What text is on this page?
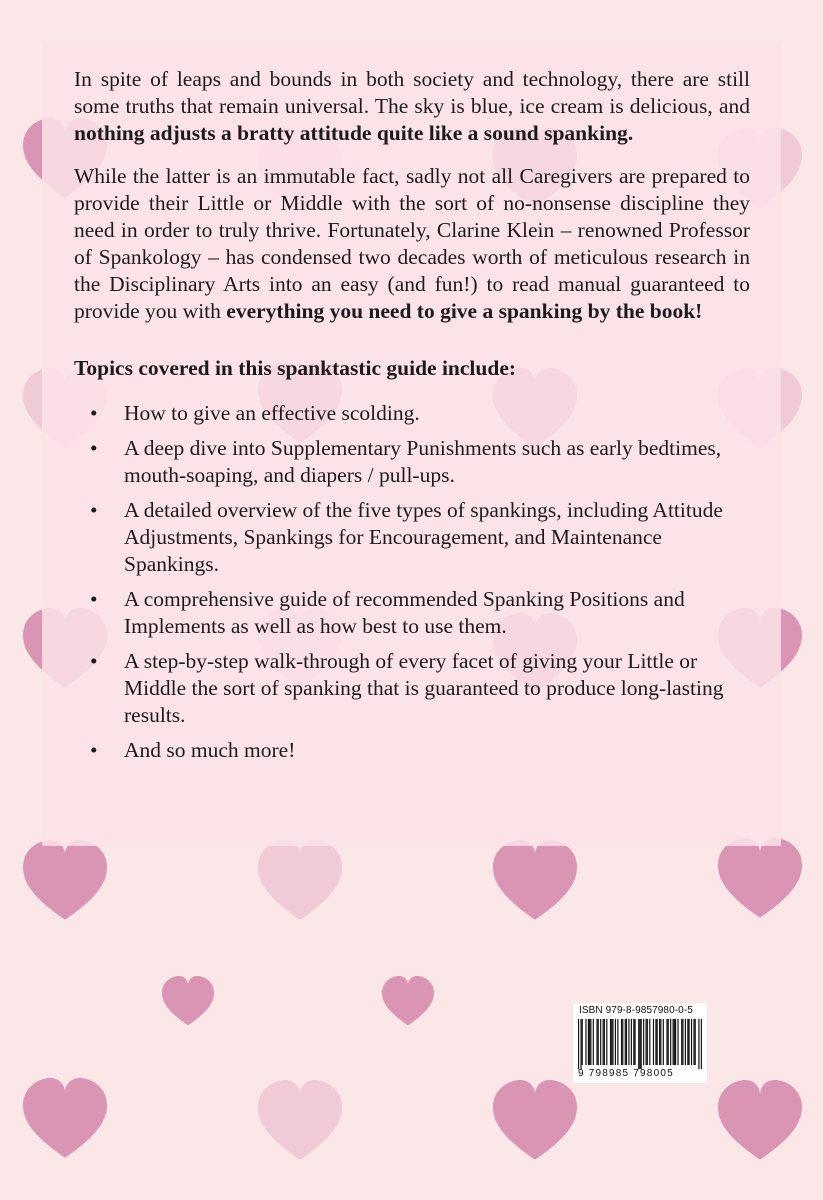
In spite of leaps and bounds in both society and technology, there are still some truths that remain universal. The sky is blue, ice cream is delicious, and nothing adjusts a bratty attitude quite like a sound spanking.

While the latter is an immutable fact, sadly not all Caregivers are prepared to provide their Little or Middle with the sort of no-nonsense discipline they need in order to truly thrive. Fortunately, Clarine Klein – renowned Professor of Spankology – has condensed two decades worth of meticulous research in the Disciplinary Arts into an easy (and fun!) to read manual guaranteed to provide you with everything you need to give a spanking by the book!

Topics covered in this spanktastic guide include:
• How to give an effective scolding.
• A deep dive into Supplementary Punishments such as early bedtimes, mouth-soaping, and diapers / pull-ups.
• A detailed overview of the five types of spankings, including Attitude Adjustments, Spankings for Encouragement, and Maintenance Spankings.
• A comprehensive guide of recommended Spanking Positions and Implements as well as how best to use them.
• A step-by-step walk-through of every facet of giving your Little or Middle the sort of spanking that is guaranteed to produce long-lasting results.
• And so much more!
ISBN 979-8-9857980-0-5
9 798985 798005
